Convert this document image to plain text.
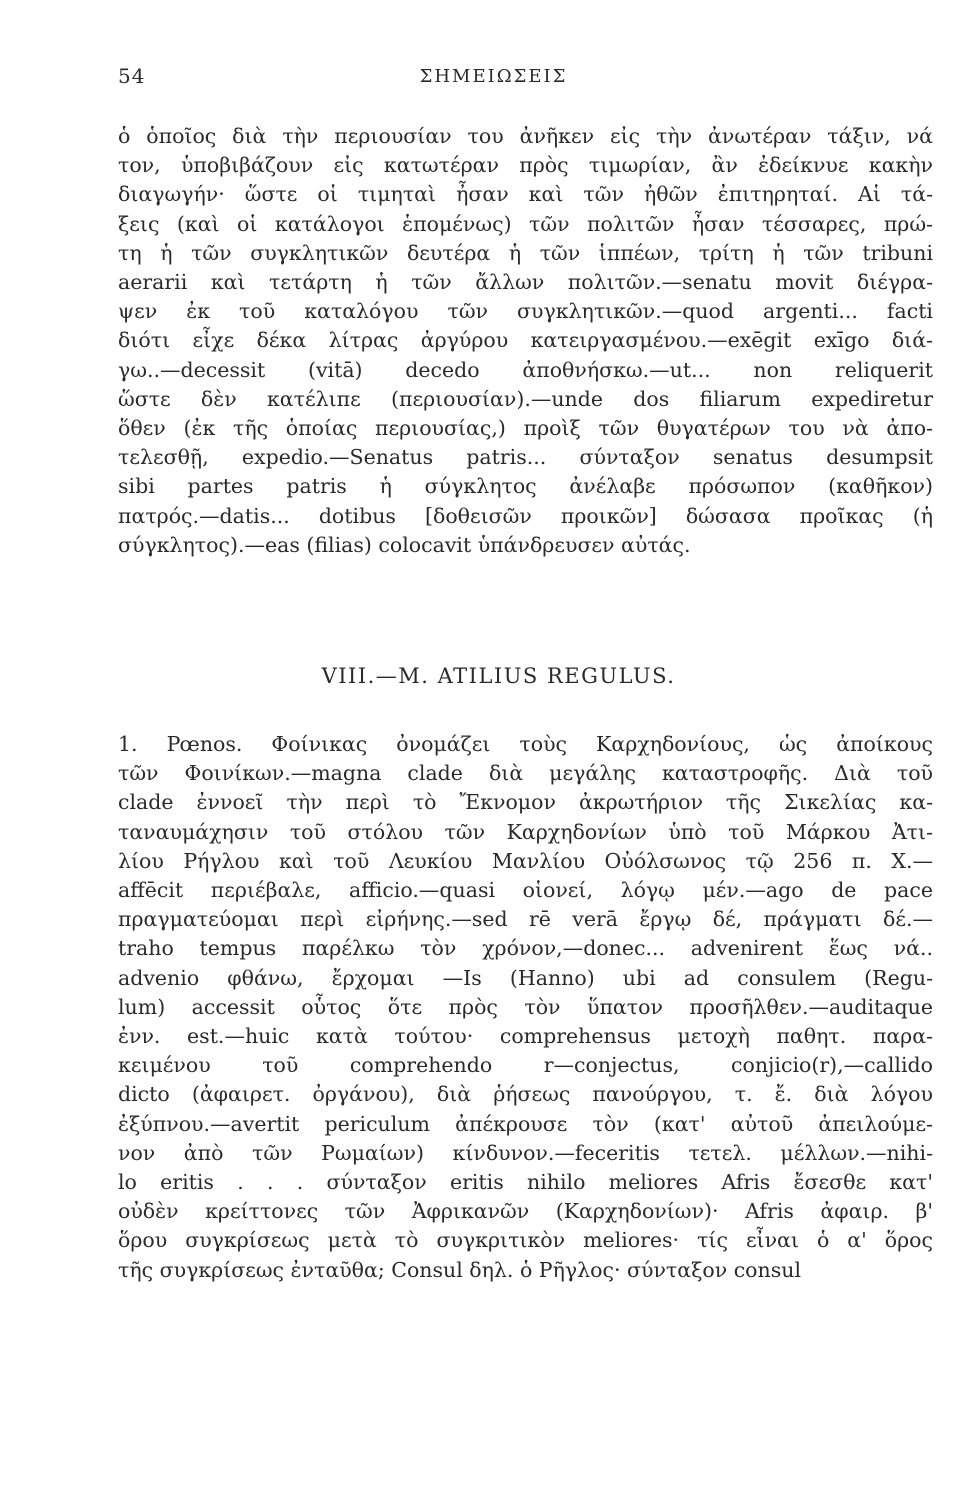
54	ΣΗΜΕΙΩΣΕΙΣ
ὁ ὁποῖος διὰ τὴν περιουσίαν του ἀνῆκεν εἰς τὴν ἀνωτέραν τάξιν, νά
τον, ὑποβιβάζουν εἰς κατωτέραν πρὸς τιμωρίαν, ἂν ἐδείκνυε κακὴν
διαγωγήν· ὥστε οἱ τιμηταὶ ἦσαν καὶ τῶν ἠθῶν ἐπιτηρηταί. Αἱ τά-
ξεις (καὶ οἱ κατάλογοι ἑπομένως) τῶν πολιτῶν ἦσαν τέσσαρες, πρώ-
τη ἡ τῶν συγκλητικῶν δευτέρα ἡ τῶν ἱππέων, τρίτη ἡ τῶν tribuni
aerarii καὶ τετάρτη ἡ τῶν ἄλλων πολιτῶν.—senatu movit διέγρα-
ψεν ἐκ τοῦ καταλόγου τῶν συγκλητικῶν.—quod argenti... facti
διότι εἶχε δέκα λίτρας ἀργύρου κατειργασμένου.—exēgit exīgo διά-
γω..—decessit (vitā) decedo ἀποθνήσκω.—ut... non reliquerit
ὥστε δὲν κατέλιπε (περιουσίαν).—unde dos filiarum expediretur
ὅθεν (ἐκ τῆς ὁποίας περιουσίας,) προὶξ τῶν θυγατέρων του νὰ ἀπο-
τελεσθῇ, expedio.—Senatus patris... σύνταξον senatus desumpsit
sibi partes patris ἡ σύγκλητος ἀνέλαβε πρόσωπον (καθῆκον)
πατρός.—datis... dotibus [δοθεισῶν προικῶν] δώσασα προῖκας (ἡ
σύγκλητος).—eas (filias) colocavit ὑπάνδρευσεν αὐτάς.
VIII.—M. ATILIUS REGULUS.
1. Pœnos. Φοίνικας ὀνομάζει τοὺς Καρχηδονίους, ὡς ἀποίκους
τῶν Φοινίκων.—magna clade διὰ μεγάλης καταστροφῆς. Διὰ τοῦ
clade ἐννοεῖ τὴν περὶ τὸ Ἔκνομον ἀκρωτήριον τῆς Σικελίας κα-
ταναυμάχησιν τοῦ στόλου τῶν Καρχηδονίων ὑπὸ τοῦ Μάρκου Ἀτι-
λίου Ρήγλου καὶ τοῦ Λευκίου Μανλίου Οὐόλσωνος τῷ 256 π. Χ.—
affēcit περιέβαλε, afficio.—quasi οἱονεί, λόγῳ μέν.—ago de pace
πραγματεύομαι περὶ εἰρήνης.—sed rē verā ἔργῳ δέ, πράγματι δέ.—
traho tempus παρέλκω τὸν χρόνον,—donec... advenirent ἕως νά..
advenio φθάνω, ἔρχομαι —Is (Hanno) ubi ad consulem (Regu-
lum) accessit οὗτος ὅτε πρὸς τὸν ὕπατον προσῆλθεν.—auditaque
ἐνν. est.—huic κατὰ τούτου· comprehensus μετοχὴ παθητ. παρα-
κειμένου τοῦ comprehendo r—conjectus, conjicio(r),—callido
dicto (ἀφαιρετ. ὀργάνου), διὰ ῥήσεως πανούργου, τ. ἔ. διὰ λόγου
ἐξύπνου.—avertit periculum ἀπέκρουσε τὸν (κατ' αὐτοῦ ἀπειλούμε-
νον ἀπὸ τῶν Ρωμαίων) κίνδυνον.—feceritis τετελ. μέλλων.—nihi-
lo eritis . . . σύνταξον eritis nihilo meliores Afris ἔσεσθε κατ'
οὐδὲν κρείττονες τῶν Ἀφρικανῶν (Καρχηδονίων)· Afris ἀφαιρ. β'
ὅρου συγκρίσεως μετὰ τὸ συγκριτικὸν meliores· τίς εἶναι ὁ α' ὅρος
τῆς συγκρίσεως ἐνταῦθα; Consul δηλ. ὁ Ρῆγλος· σύνταξον consul
